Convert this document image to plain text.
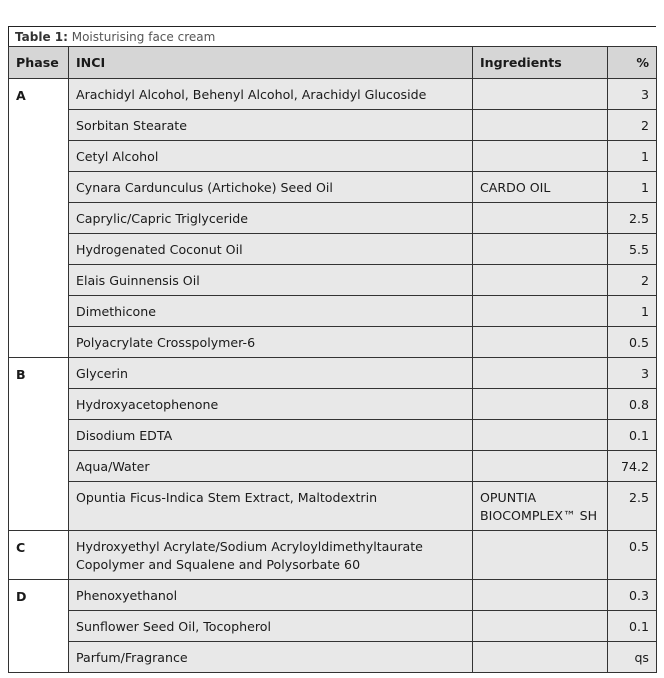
Table 1: Moisturising face cream
Phase	INCI	Ingredients	%
A	Arachidyl Alcohol, Behenyl Alcohol, Arachidyl Glucoside		3
	Sorbitan Stearate		2
	Cetyl Alcohol		1
	Cynara Cardunculus (Artichoke) Seed Oil	CARDO OIL	1
	Caprylic/Capric Triglyceride		2.5
	Hydrogenated Coconut Oil		5.5
	Elais Guinnensis Oil		2
	Dimethicone		1
	Polyacrylate Crosspolymer-6		0.5
B	Glycerin		3
	Hydroxyacetophenone		0.8
	Disodium EDTA		0.1
	Aqua/Water		74.2
	Opuntia Ficus-Indica Stem Extract, Maltodextrin	OPUNTIA BIOCOMPLEX™ SH	2.5
C	Hydroxyethyl Acrylate/Sodium Acryloyldimethyltaurate Copolymer and Squalene and Polysorbate 60		0.5
D	Phenoxyethanol		0.3
	Sunflower Seed Oil, Tocopherol		0.1
	Parfum/Fragrance		qs
